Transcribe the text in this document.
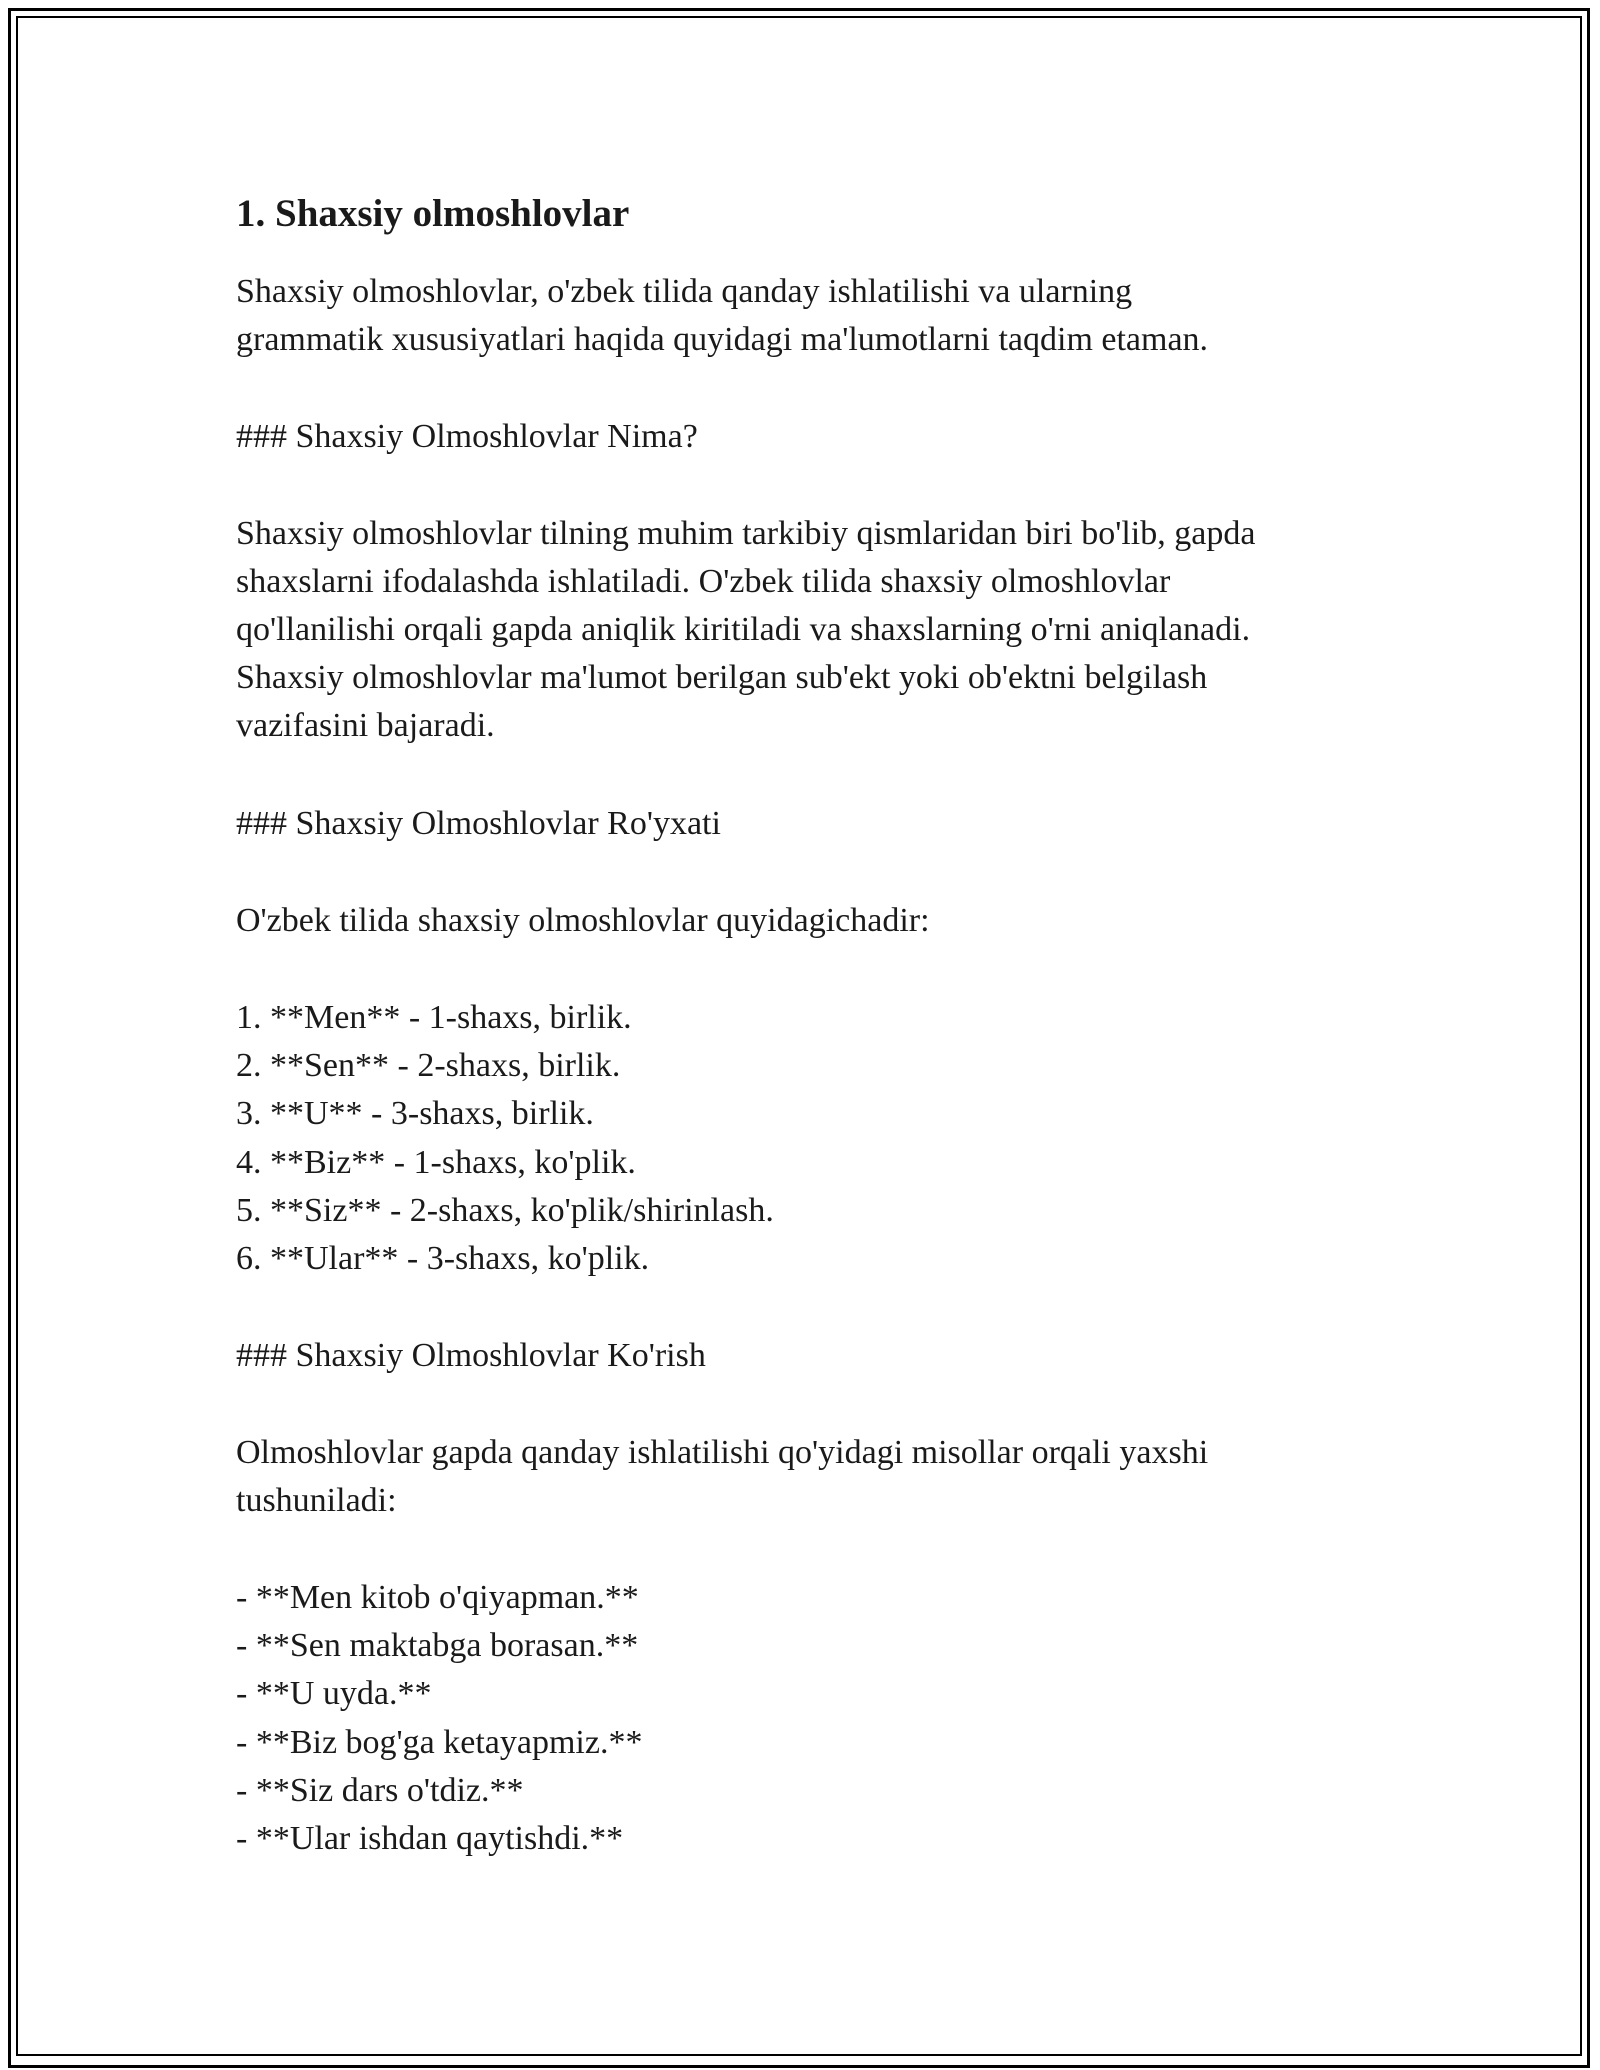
1. Shaxsiy olmoshlovlar

Shaxsiy olmoshlovlar, o'zbek tilida qanday ishlatilishi va ularning

grammatik xususiyatlari haqida quyidagi ma'lumotlarni taqdim etaman.

### Shaxsiy Olmoshlovlar Nima?

Shaxsiy olmoshlovlar tilning muhim tarkibiy qismlaridan biri bo'lib, gapda

shaxslarni ifodalashda ishlatiladi. O'zbek tilida shaxsiy olmoshlovlar

qo'llanilishi orqali gapda aniqlik kiritiladi va shaxslarning o'rni aniqlanadi.

Shaxsiy olmoshlovlar ma'lumot berilgan sub'ekt yoki ob'ektni belgilash

vazifasini bajaradi.

### Shaxsiy Olmoshlovlar Ro'yxati

O'zbek tilida shaxsiy olmoshlovlar quyidagichadir:

1. **Men** - 1-shaxs, birlik.

2. **Sen** - 2-shaxs, birlik.

3. **U** - 3-shaxs, birlik.

4. **Biz** - 1-shaxs, ko'plik.

5. **Siz** - 2-shaxs, ko'plik/shirinlash.

6. **Ular** - 3-shaxs, ko'plik.

### Shaxsiy Olmoshlovlar Ko'rish

Olmoshlovlar gapda qanday ishlatilishi qo'yidagi misollar orqali yaxshi

tushuniladi:

- **Men kitob o'qiyapman.**

- **Sen maktabga borasan.**

- **U uyda.**

- **Biz bog'ga ketayapmiz.**

- **Siz dars o'tdiz.**

- **Ular ishdan qaytishdi.**
